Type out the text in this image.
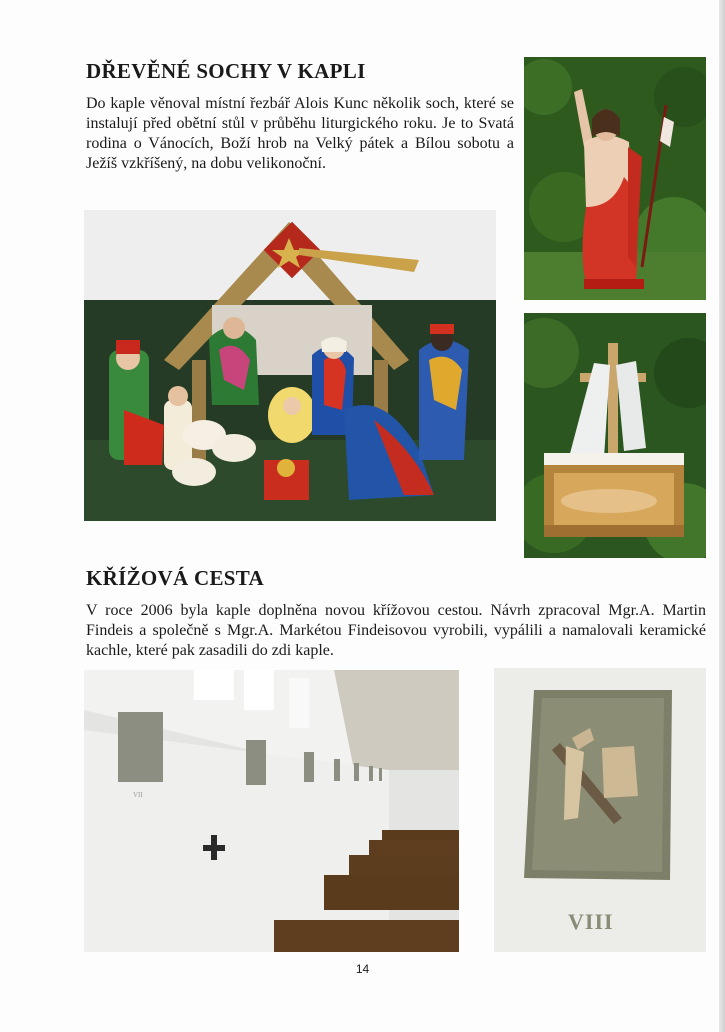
DŘEVĚNÉ SOCHY V KAPLI

Do kaple věnoval místní řezbář Alois Kunc několik soch, které se instalují před obětní stůl v průběhu liturgického roku. Je to Svatá rodina o Vánocích, Boží hrob na Velký pátek a Bílou sobotu a Ježíš vzkříšený, na dobu velikonoční.

KŘÍŽOVÁ CESTA

V roce 2006 byla kaple doplněna novou křížovou cestou. Návrh zpracoval Mgr.A. Martin Findeis a společně s Mgr.A. Markétou Findeisovou vyrobili, vypálili a namalovali keramické kachle, které pak zasadili do zdi kaple.

VII
VIII
14
